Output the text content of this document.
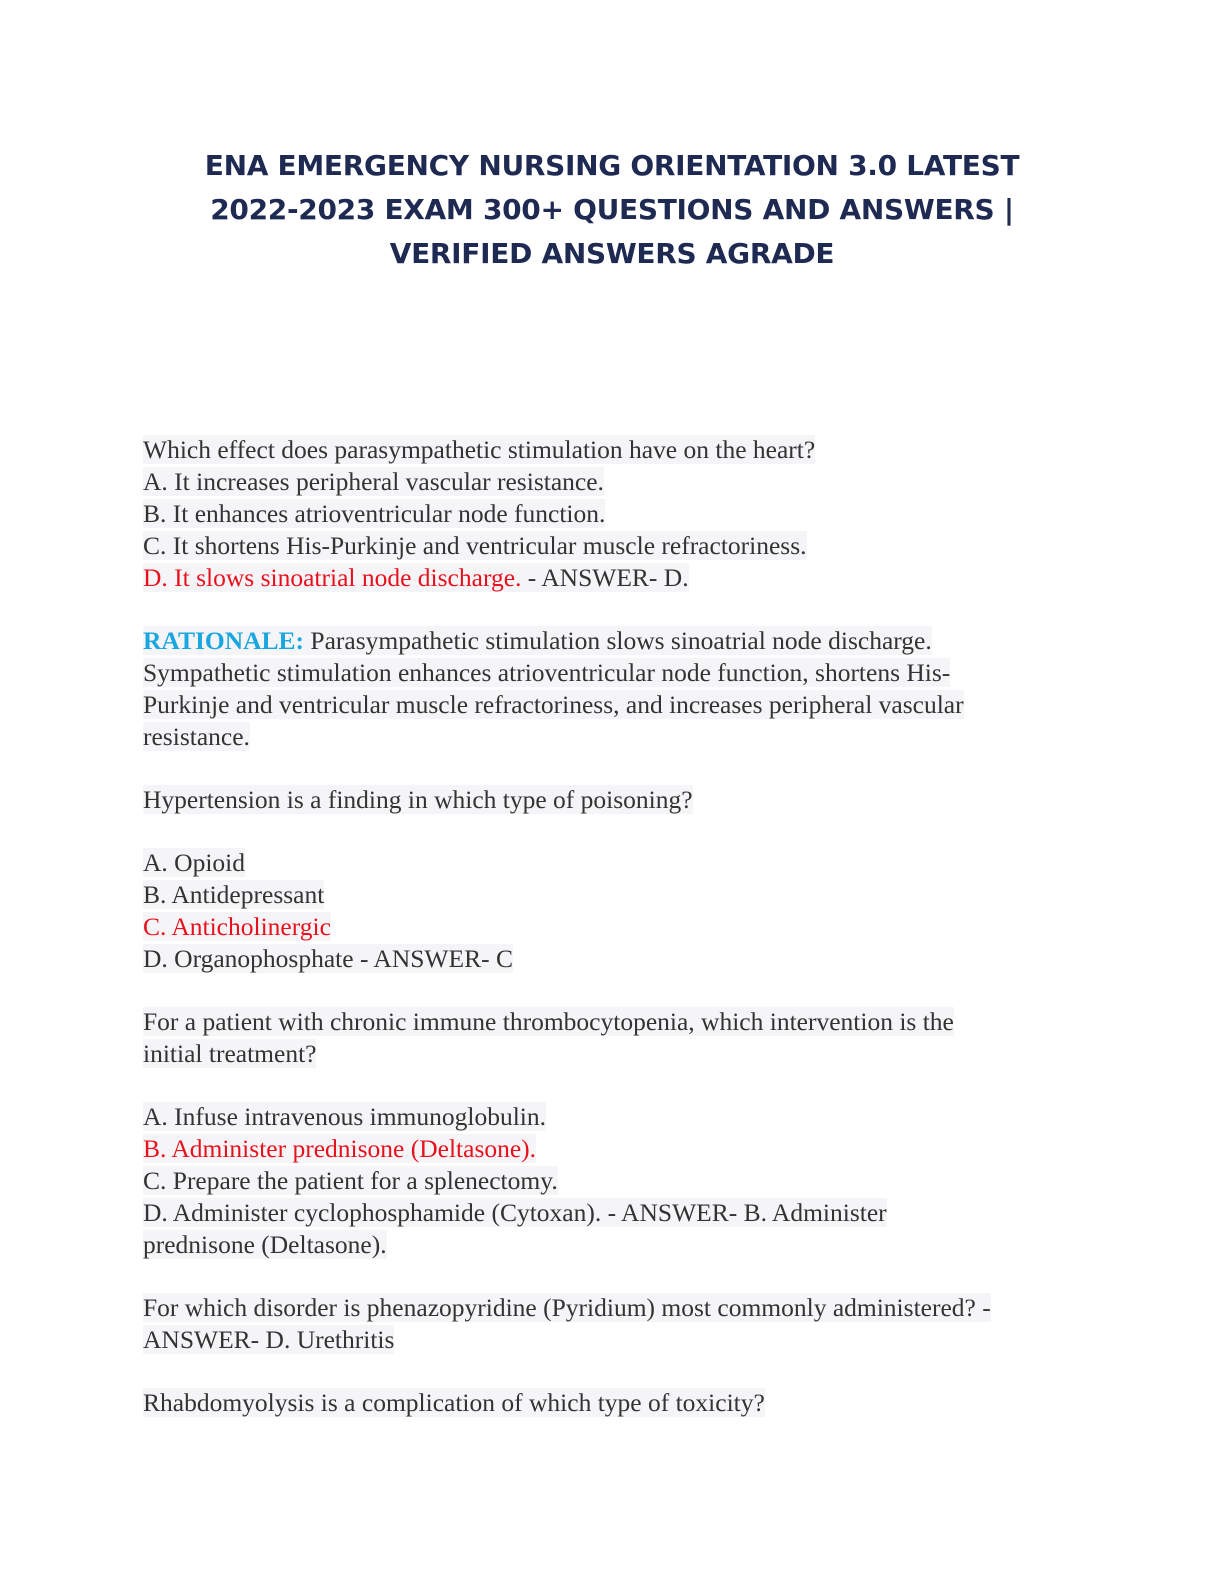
ENA EMERGENCY NURSING ORIENTATION 3.0 LATEST
2022-2023 EXAM 300+ QUESTIONS AND ANSWERS |
VERIFIED ANSWERS AGRADE
Which effect does parasympathetic stimulation have on the heart?
A. It increases peripheral vascular resistance.
B. It enhances atrioventricular node function.
C. It shortens His-Purkinje and ventricular muscle refractoriness.
D. It slows sinoatrial node discharge. - ANSWER- D.
RATIONALE: Parasympathetic stimulation slows sinoatrial node discharge.
Sympathetic stimulation enhances atrioventricular node function, shortens His-
Purkinje and ventricular muscle refractoriness, and increases peripheral vascular
resistance.
Hypertension is a finding in which type of poisoning?
A. Opioid
B. Antidepressant
C. Anticholinergic
D. Organophosphate - ANSWER- C
For a patient with chronic immune thrombocytopenia, which intervention is the
initial treatment?
A. Infuse intravenous immunoglobulin.
B. Administer prednisone (Deltasone).
C. Prepare the patient for a splenectomy.
D. Administer cyclophosphamide (Cytoxan). - ANSWER- B. Administer
prednisone (Deltasone).
For which disorder is phenazopyridine (Pyridium) most commonly administered? -
ANSWER- D. Urethritis
Rhabdomyolysis is a complication of which type of toxicity?
